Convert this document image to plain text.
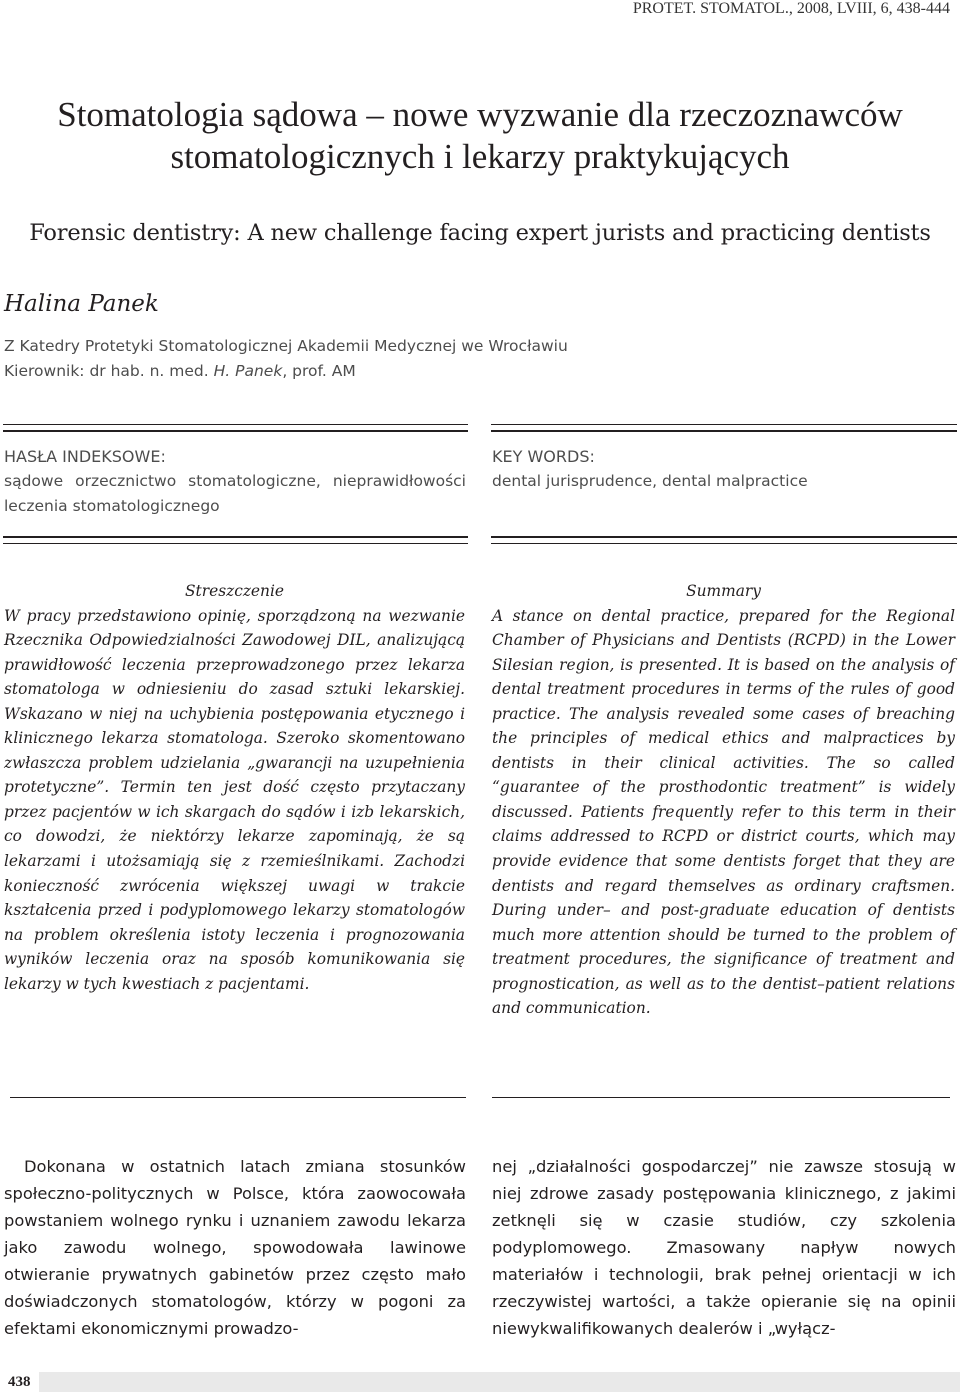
PROTET. STOMATOL., 2008, LVIII, 6, 438-444
Stomatologia sądowa – nowe wyzwanie dla rzeczoznawców
stomatologicznych i lekarzy praktykujących
Forensic dentistry: A new challenge facing expert jurists and practicing dentists
Halina Panek
Z Katedry Protetyki Stomatologicznej Akademii Medycznej we Wrocławiu
Kierownik: dr hab. n. med. H. Panek, prof. AM
HASŁA INDEKSOWE:
sądowe orzecznictwo stomatologiczne, nieprawidłowości leczenia stomatologicznego
KEY WORDS:
dental jurisprudence, dental malpractice
Streszczenie
W pracy przedstawiono opinię, sporządzoną na wezwanie Rzecznika Odpowiedzialności Zawodowej DIL, analizującą prawidłowość leczenia przeprowadzonego przez lekarza stomatologa w odniesieniu do zasad sztuki lekarskiej. Wskazano w niej na uchybienia postępowania etycznego i klinicznego lekarza stomatologa. Szeroko skomentowano zwłaszcza problem udzielania „gwarancji na uzupełnienia protetyczne”. Termin ten jest dość często przytaczany przez pacjentów w ich skargach do sądów i izb lekarskich, co dowodzi, że niektórzy lekarze zapominają, że są lekarzami i utożsamiają się z rzemieślnikami. Zachodzi konieczność zwrócenia większej uwagi w trakcie kształcenia przed i podyplomowego lekarzy stomatologów na problem określenia istoty leczenia i prognozowania wyników leczenia oraz na sposób komunikowania się lekarzy w tych kwestiach z pacjentami.
Summary
A stance on dental practice, prepared for the Regional Chamber of Physicians and Dentists (RCPD) in the Lower Silesian region, is presented. It is based on the analysis of dental treatment procedures in terms of the rules of good practice. The analysis revealed some cases of breaching the principles of medical ethics and malpractices by dentists in their clinical activities. The so called “guarantee of the prosthodontic treatment” is widely discussed. Patients frequently refer to this term in their claims addressed to RCPD or district courts, which may provide evidence that some dentists forget that they are dentists and regard themselves as ordinary craftsmen. During under– and post-graduate education of dentists much more attention should be turned to the problem of treatment procedures, the significance of treatment and prognostication, as well as to the dentist–patient relations and communication.
Dokonana w ostatnich latach zmiana stosunków społeczno-politycznych w Polsce, która zaowocowała powstaniem wolnego rynku i uznaniem zawodu lekarza jako zawodu wolnego, spowodowała lawinowe otwieranie prywatnych gabinetów przez często mało doświadczonych stomatologów, którzy w pogoni za efektami ekonomicznymi prowadzo-
nej „działalności gospodarczej” nie zawsze stosują w niej zdrowe zasady postępowania klinicznego, z jakimi zetknęli się w czasie studiów, czy szkolenia podyplomowego. Zmasowany napływ nowych materiałów i technologii, brak pełnej orientacji w ich rzeczywistej wartości, a także opieranie się na opinii niewykwalifikowanych dealerów i „wyłącz-
438
